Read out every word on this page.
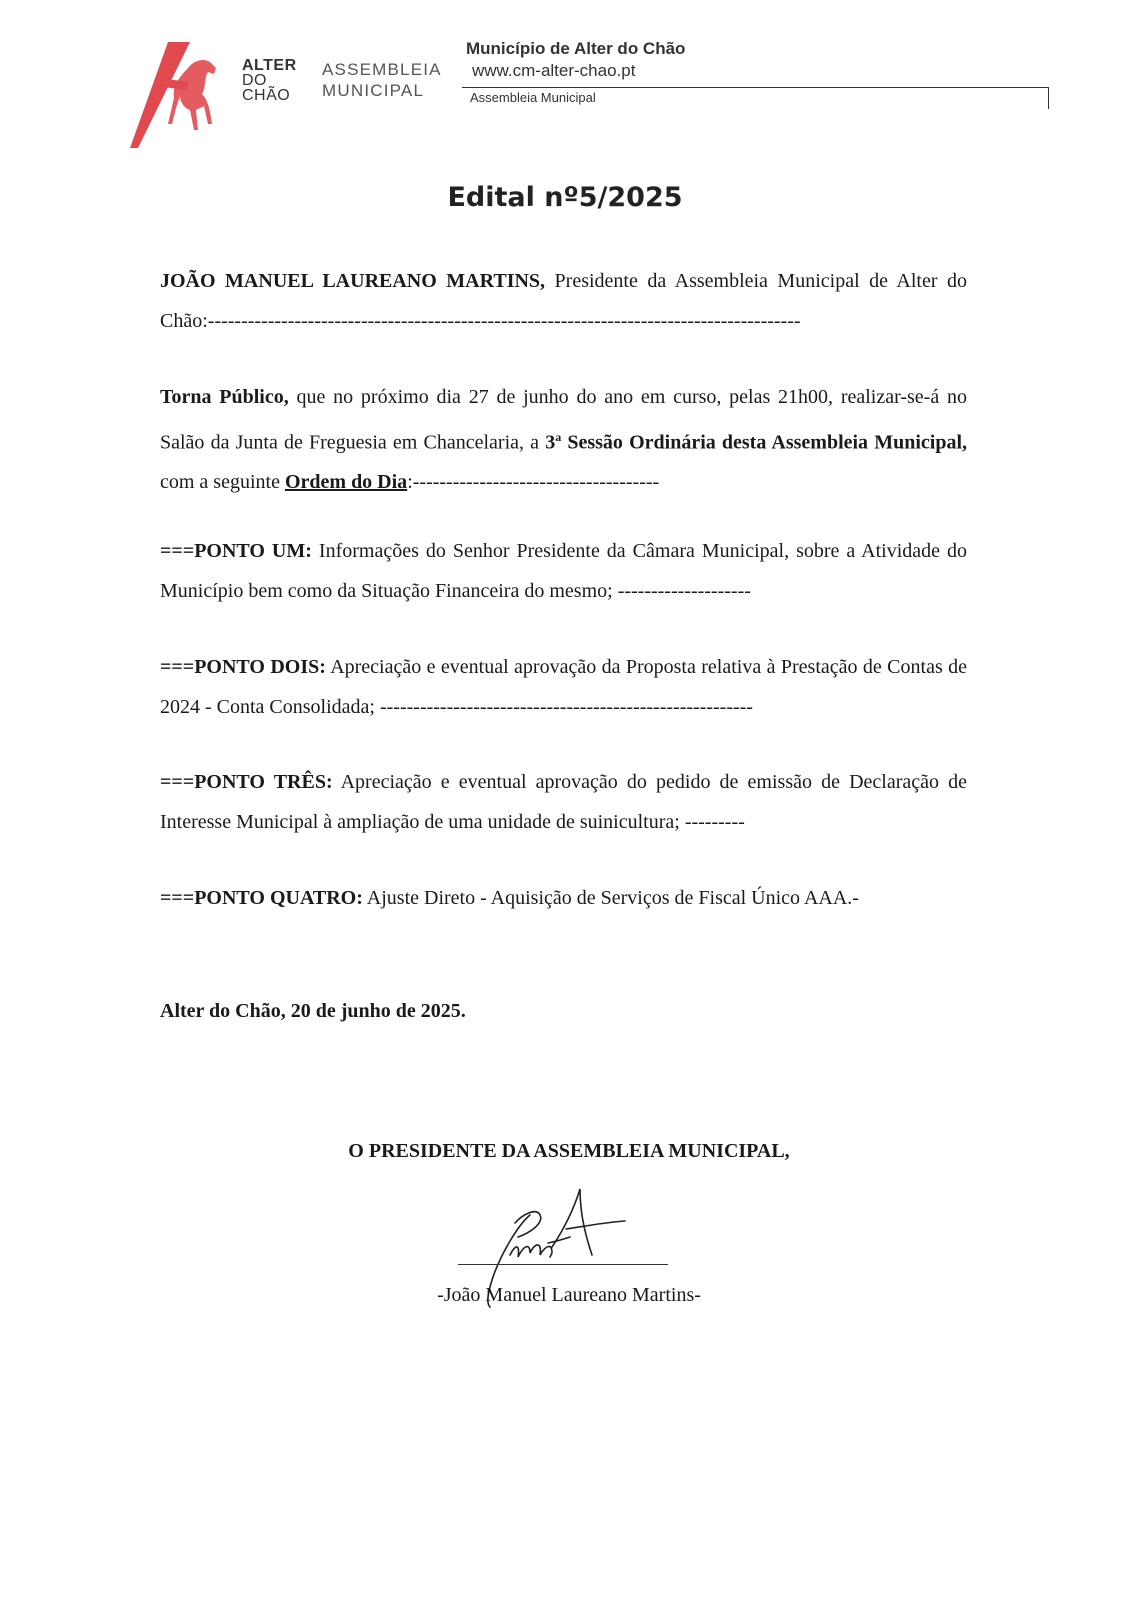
ALTER
DO
CHÃO
ASSEMBLEIA
MUNICIPAL
Município de Alter do Chão
www.cm-alter-chao.pt
Assembleia Municipal
Edital nº5/2025
JOÃO MANUEL LAUREANO MARTINS, Presidente da Assembleia Municipal de Alter do Chão:-----------------------------------------------------------------------------------------
Torna Público, que no próximo dia 27 de junho do ano em curso, pelas 21h00, realizar-se-á no Salão da Junta de Freguesia em Chancelaria, a 3$^a$ Sessão Ordinária desta Assembleia Municipal, com a seguinte Ordem do Dia:-------------------------------------
===PONTO UM: Informações do Senhor Presidente da Câmara Municipal, sobre a Atividade do Município bem como da Situação Financeira do mesmo; --------------------
===PONTO DOIS: Apreciação e eventual aprovação da Proposta relativa à Prestação de Contas de 2024 - Conta Consolidada; --------------------------------------------------------
===PONTO TRÊS: Apreciação e eventual aprovação do pedido de emissão de Declaração de Interesse Municipal à ampliação de uma unidade de suinicultura; ---------
===PONTO QUATRO: Ajuste Direto - Aquisição de Serviços de Fiscal Único AAA.-
Alter do Chão, 20 de junho de 2025.
O PRESIDENTE DA ASSEMBLEIA MUNICIPAL,
-João Manuel Laureano Martins-
